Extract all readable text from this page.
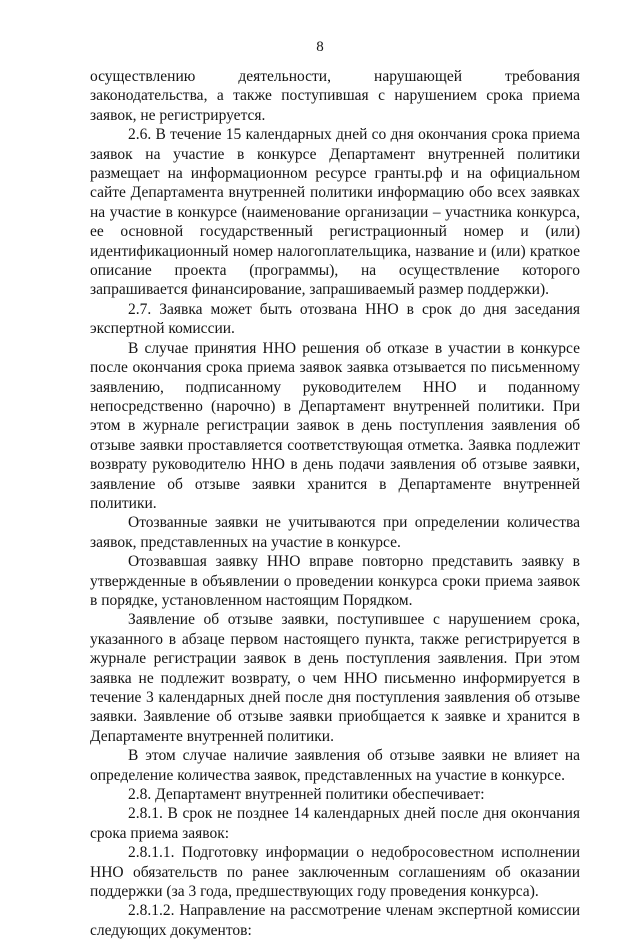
8

осуществлению деятельности, нарушающей требования законодательства, а также поступившая с нарушением срока приема заявок, не регистрируется.

2.6. В течение 15 календарных дней со дня окончания срока приема заявок на участие в конкурсе Департамент внутренней политики размещает на информационном ресурсе гранты.рф и на официальном сайте Департамента внутренней политики информацию обо всех заявках на участие в конкурсе (наименование организации – участника конкурса, ее основной государственный регистрационный номер и (или) идентификационный номер налогоплательщика, название и (или) краткое описание проекта (программы), на осуществление которого запрашивается финансирование, запрашиваемый размер поддержки).

2.7. Заявка может быть отозвана ННО в срок до дня заседания экспертной комиссии.

В случае принятия ННО решения об отказе в участии в конкурсе после окончания срока приема заявок заявка отзывается по письменному заявлению, подписанному руководителем ННО и поданному непосредственно (нарочно) в Департамент внутренней политики. При этом в журнале регистрации заявок в день поступления заявления об отзыве заявки проставляется соответствующая отметка. Заявка подлежит возврату руководителю ННО в день подачи заявления об отзыве заявки, заявление об отзыве заявки хранится в Департаменте внутренней политики.

Отозванные заявки не учитываются при определении количества заявок, представленных на участие в конкурсе.

Отозвавшая заявку ННО вправе повторно представить заявку в утвержденные в объявлении о проведении конкурса сроки приема заявок в порядке, установленном настоящим Порядком.

Заявление об отзыве заявки, поступившее с нарушением срока, указанного в абзаце первом настоящего пункта, также регистрируется в журнале регистрации заявок в день поступления заявления. При этом заявка не подлежит возврату, о чем ННО письменно информируется в течение 3 календарных дней после дня поступления заявления об отзыве заявки. Заявление об отзыве заявки приобщается к заявке и хранится в Департаменте внутренней политики.

В этом случае наличие заявления об отзыве заявки не влияет на определение количества заявок, представленных на участие в конкурсе.

2.8. Департамент внутренней политики обеспечивает:

2.8.1. В срок не позднее 14 календарных дней после дня окончания срока приема заявок:

2.8.1.1. Подготовку информации о недобросовестном исполнении ННО обязательств по ранее заключенным соглашениям об оказании поддержки (за 3 года, предшествующих году проведения конкурса).

2.8.1.2. Направление на рассмотрение членам экспертной комиссии следующих документов:
